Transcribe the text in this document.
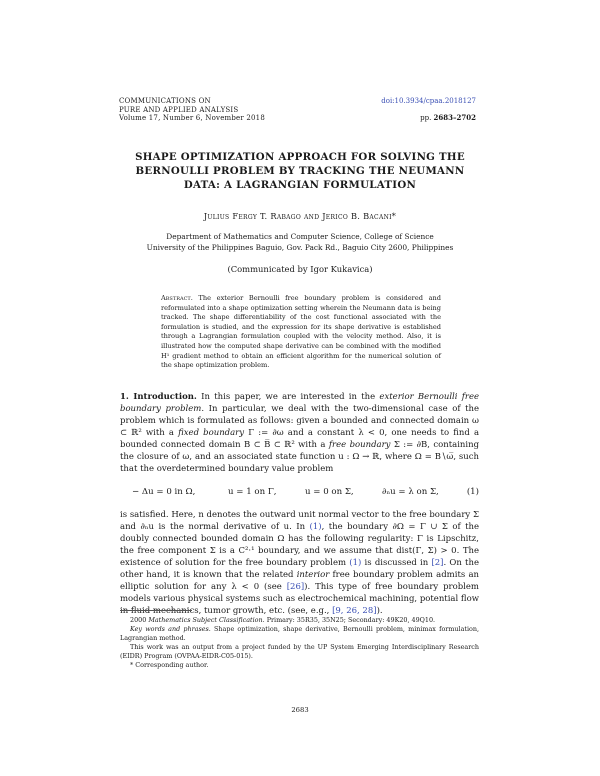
COMMUNICATIONS ON
PURE AND APPLIED ANALYSIS
Volume 17, Number 6, November 2018
doi:10.3934/cpaa.2018127
pp. 2683–2702
SHAPE OPTIMIZATION APPROACH FOR SOLVING THE BERNOULLI PROBLEM BY TRACKING THE NEUMANN DATA: A LAGRANGIAN FORMULATION
Julius Fergy T. Rabago and Jerico B. Bacani*
Department of Mathematics and Computer Science, College of Science
University of the Philippines Baguio, Gov. Pack Rd., Baguio City 2600, Philippines
(Communicated by Igor Kukavica)
Abstract. The exterior Bernoulli free boundary problem is considered and reformulated into a shape optimization setting wherein the Neumann data is being tracked. The shape differentiability of the cost functional associated with the formulation is studied, and the expression for its shape derivative is established through a Lagrangian formulation coupled with the velocity method. Also, it is illustrated how the computed shape derivative can be combined with the modified H¹ gradient method to obtain an efficient algorithm for the numerical solution of the shape optimization problem.
1. Introduction. In this paper, we are interested in the exterior Bernoulli free boundary problem. In particular, we deal with the two-dimensional case of the problem which is formulated as follows: given a bounded and connected domain ω ⊂ ℝ² with a fixed boundary Γ := ∂ω and a constant λ < 0, one needs to find a bounded connected domain B ⊂ B̅ ⊂ ℝ² with a free boundary Σ := ∂B, containing the closure of ω, and an associated state function u : Ω → ℝ, where Ω = B∖ω̅, such that the overdetermined boundary value problem
− Δu = 0 in Ω,	u = 1 on Γ,	u = 0 on Σ,	∂ₙu = λ on Σ,	(1)
is satisfied. Here, n denotes the outward unit normal vector to the free boundary Σ and ∂ₙu is the normal derivative of u. In (1), the boundary ∂Ω = Γ ∪ Σ of the doubly connected bounded domain Ω has the following regularity: Γ is Lipschitz, the free component Σ is a C²·¹ boundary, and we assume that dist(Γ, Σ) > 0. The existence of solution for the free boundary problem (1) is discussed in [2]. On the other hand, it is known that the related interior free boundary problem admits an elliptic solution for any λ < 0 (see [26]). This type of free boundary problem models various physical systems such as electrochemical machining, potential flow in fluid mechanics, tumor growth, etc. (see, e.g., [9, 26, 28]).
2000 Mathematics Subject Classification. Primary: 35R35, 35N25; Secondary: 49K20, 49Q10.
Key words and phrases. Shape optimization, shape derivative, Bernoulli problem, minimax formulation, Lagrangian method.
This work was an output from a project funded by the UP System Emerging Interdisciplinary Research (EIDR) Program (OVPAA-EIDR-C05-015).
* Corresponding author.
2683
